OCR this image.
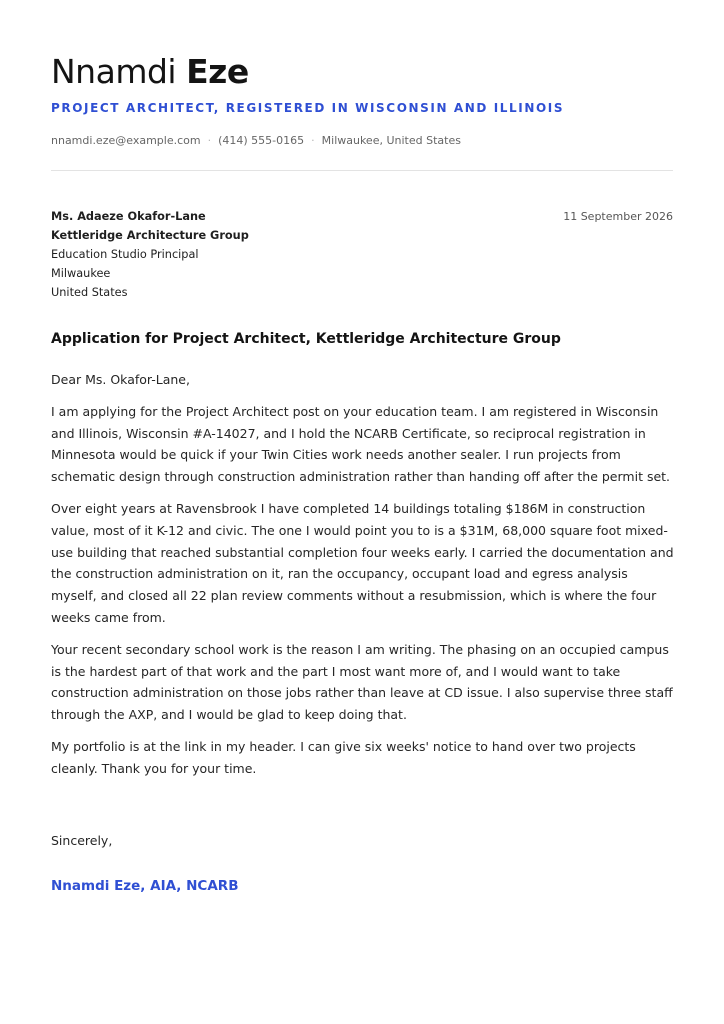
Nnamdi Eze
PROJECT ARCHITECT, REGISTERED IN WISCONSIN AND ILLINOIS
nnamdi.eze@example.com · (414) 555-0165 · Milwaukee, United States
Ms. Adaeze Okafor-Lane
Kettleridge Architecture Group
Education Studio Principal
Milwaukee
United States
11 September 2026
Application for Project Architect, Kettleridge Architecture Group

Dear Ms. Okafor-Lane,

I am applying for the Project Architect post on your education team. I am registered in Wisconsin and Illinois, Wisconsin #A-14027, and I hold the NCARB Certificate, so reciprocal registration in Minnesota would be quick if your Twin Cities work needs another sealer. I run projects from schematic design through construction administration rather than handing off after the permit set.

Over eight years at Ravensbrook I have completed 14 buildings totaling $186M in construction value, most of it K-12 and civic. The one I would point you to is a $31M, 68,000 square foot mixed-use building that reached substantial completion four weeks early. I carried the documentation and the construction administration on it, ran the occupancy, occupant load and egress analysis myself, and closed all 22 plan review comments without a resubmission, which is where the four weeks came from.

Your recent secondary school work is the reason I am writing. The phasing on an occupied campus is the hardest part of that work and the part I most want more of, and I would want to take construction administration on those jobs rather than leave at CD issue. I also supervise three staff through the AXP, and I would be glad to keep doing that.

My portfolio is at the link in my header. I can give six weeks' notice to hand over two projects cleanly. Thank you for your time.

Sincerely,
Nnamdi Eze, AIA, NCARB
